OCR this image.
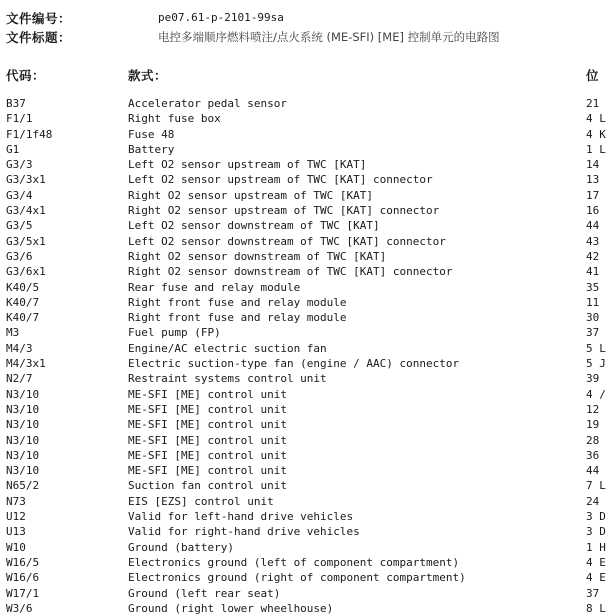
文件编号：	pe07.61-p-2101-99sa
文件标题：	电控多端顺序燃料喷注/点火系统 (ME-SFI) [ME] 控制单元的电路图
代码：	款式：	位
B37	Accelerator pedal sensor	21
F1/1	Right fuse box	4 L
F1/1f48	Fuse 48	4 K
G1	Battery	1 L
G3/3	Left O2 sensor upstream of TWC [KAT]	14
G3/3x1	Left O2 sensor upstream of TWC [KAT] connector	13
G3/4	Right O2 sensor upstream of TWC [KAT]	17
G3/4x1	Right O2 sensor upstream of TWC [KAT] connector	16
G3/5	Left O2 sensor downstream of TWC [KAT]	44
G3/5x1	Left O2 sensor downstream of TWC [KAT] connector	43
G3/6	Right O2 sensor downstream of TWC [KAT]	42
G3/6x1	Right O2 sensor downstream of TWC [KAT] connector	41
K40/5	Rear fuse and relay module	35
K40/7	Right front fuse and relay module	11
K40/7	Right front fuse and relay module	30
M3	Fuel pump (FP)	37
M4/3	Engine/AC electric suction fan	5 L
M4/3x1	Electric suction-type fan (engine / AAC) connector	5 J
N2/7	Restraint systems control unit	39
N3/10	ME-SFI [ME] control unit	4 /
N3/10	ME-SFI [ME] control unit	12
N3/10	ME-SFI [ME] control unit	19
N3/10	ME-SFI [ME] control unit	28
N3/10	ME-SFI [ME] control unit	36
N3/10	ME-SFI [ME] control unit	44
N65/2	Suction fan control unit	7 L
N73	EIS [EZS] control unit	24
U12	Valid for left-hand drive vehicles	3 D
U13	Valid for right-hand drive vehicles	3 D
W10	Ground (battery)	1 H
W16/5	Electronics ground (left of component compartment)	4 E
W16/6	Electronics ground (right of component compartment)	4 E
W17/1	Ground (left rear seat)	37
W3/6	Ground (right lower wheelhouse)	8 L
